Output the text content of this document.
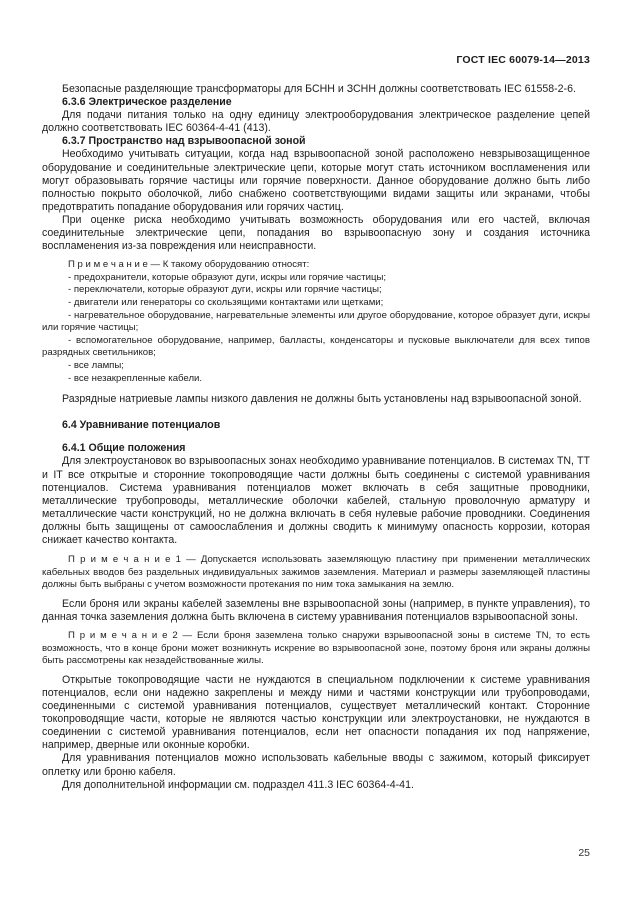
ГОСТ IEC 60079-14—2013

Безопасные разделяющие трансформаторы для БСНН и ЗСНН должны соответствовать IEC 61558-2-6.

6.3.6 Электрическое разделение

Для подачи питания только на одну единицу электрооборудования электрическое разделение цепей должно соответствовать IEC 60364-4-41 (413).

6.3.7 Пространство над взрывоопасной зоной

Необходимо учитывать ситуации, когда над взрывоопасной зоной расположено невзрывозащищенное оборудование и соединительные электрические цепи, которые могут стать источником воспламенения или могут образовывать горячие частицы или горячие поверхности. Данное оборудование должно быть либо полностью покрыто оболочкой, либо снабжено соответствующими видами защиты или экранами, чтобы предотвратить попадание оборудования или горячих частиц.

При оценке риска необходимо учитывать возможность оборудования или его частей, включая соединительные электрические цепи, попадания во взрывоопасную зону и создания источника воспламенения из-за повреждения или неисправности.

П р и м е ч а н и е — К такому оборудованию относят:

- предохранители, которые образуют дуги, искры или горячие частицы;

- переключатели, которые образуют дуги, искры или горячие частицы;

- двигатели или генераторы со скользящими контактами или щетками;

- нагревательное оборудование, нагревательные элементы или другое оборудование, которое образует дуги, искры или горячие частицы;

- вспомогательное оборудование, например, балласты, конденсаторы и пусковые выключатели для всех типов разрядных светильников;

- все лампы;

- все незакрепленные кабели.

Разрядные натриевые лампы низкого давления не должны быть установлены над взрывоопасной зоной.

6.4 Уравнивание потенциалов

6.4.1 Общие положения

Для электроустановок во взрывоопасных зонах необходимо уравнивание потенциалов. В системах TN, ТТ и IT все открытые и сторонние токопроводящие части должны быть соединены с системой уравнивания потенциалов. Система уравнивания потенциалов может включать в себя защитные проводники, металлические трубопроводы, металлические оболочки кабелей, стальную проволочную арматуру и металлические части конструкций, но не должна включать в себя нулевые рабочие проводники. Соединения должны быть защищены от самоослабления и должны сводить к минимуму опасность коррозии, которая снижает качество контакта.

П р и м е ч а н и е 1 — Допускается использовать заземляющую пластину при применении металлических кабельных вводов без раздельных индивидуальных зажимов заземления. Материал и размеры заземляющей пластины должны быть выбраны с учетом возможности протекания по ним тока замыкания на землю.

Если броня или экраны кабелей заземлены вне взрывоопасной зоны (например, в пункте управления), то данная точка заземления должна быть включена в систему уравнивания потенциалов взрывоопасной зоны.

П р и м е ч а н и е 2 — Если броня заземлена только снаружи взрывоопасной зоны в системе TN, то есть возможность, что в конце брони может возникнуть искрение во взрывоопасной зоне, поэтому броня или экраны должны быть рассмотрены как незадействованные жилы.

Открытые токопроводящие части не нуждаются в специальном подключении к системе уравнивания потенциалов, если они надежно закреплены и между ними и частями конструкции или трубопроводами, соединенными с системой уравнивания потенциалов, существует металлический контакт. Сторонние токопроводящие части, которые не являются частью конструкции или электроустановки, не нуждаются в соединении с системой уравнивания потенциалов, если нет опасности попадания их под напряжение, например, дверные или оконные коробки.

Для уравнивания потенциалов можно использовать кабельные вводы с зажимом, который фиксирует оплетку или броню кабеля.

Для дополнительной информации см. подраздел 411.3 IEC 60364-4-41.

25
